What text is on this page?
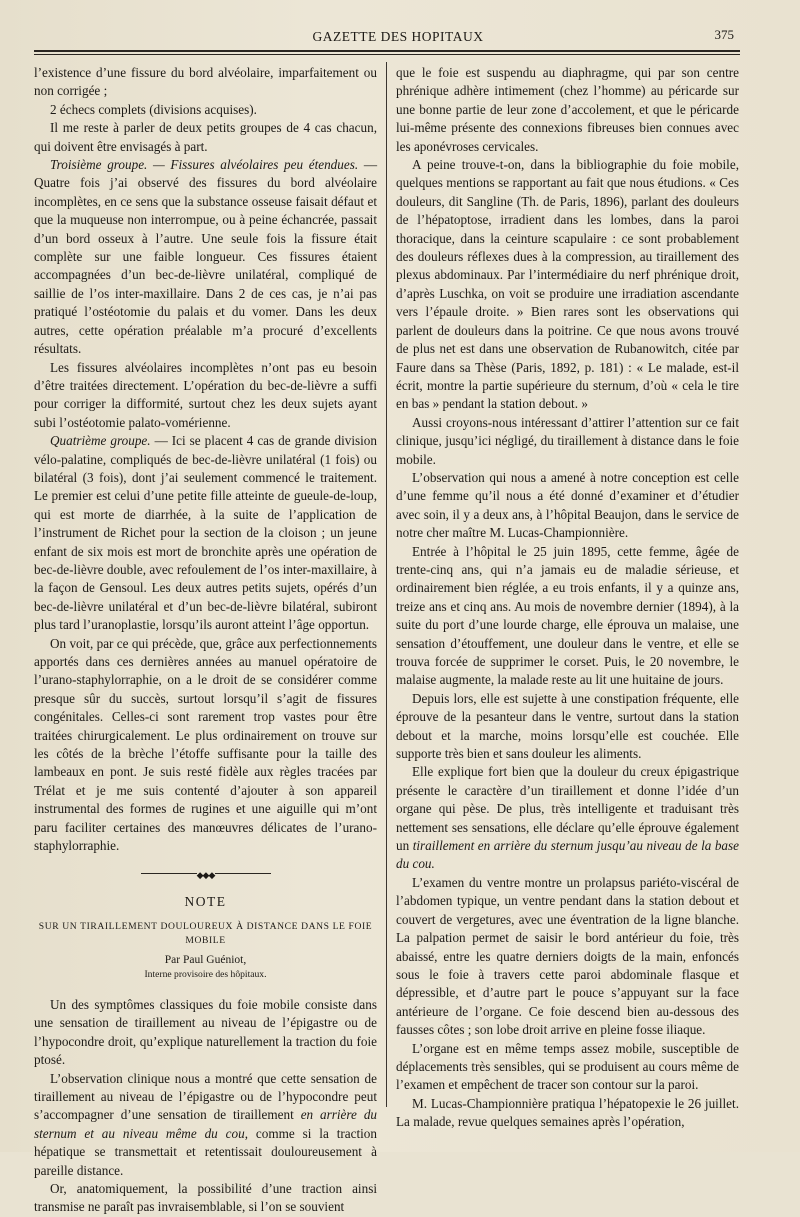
GAZETTE DES HOPITAUX	375

l’existence d’une fissure du bord alvéolaire, imparfaitement ou non corrigée ;

2 échecs complets (divisions acquises).

Il me reste à parler de deux petits groupes de 4 cas chacun, qui doivent être envisagés à part.

Troisième groupe. — Fissures alvéolaires peu étendues. — Quatre fois j’ai observé des fissures du bord alvéolaire incomplètes, en ce sens que la substance osseuse faisait défaut et que la muqueuse non interrompue, ou à peine échancrée, passait d’un bord osseux à l’autre. Une seule fois la fissure était complète sur une faible longueur. Ces fissures étaient accompagnées d’un bec-de-lièvre unilatéral, compliqué de saillie de l’os inter-maxillaire. Dans 2 de ces cas, je n’ai pas pratiqué l’ostéotomie du palais et du vomer. Dans les deux autres, cette opération préalable m’a procuré d’excellents résultats.

Les fissures alvéolaires incomplètes n’ont pas eu besoin d’être traitées directement. L’opération du bec-de-lièvre a suffi pour corriger la difformité, surtout chez les deux sujets ayant subi l’ostéotomie palato-vomérienne.

Quatrième groupe. — Ici se placent 4 cas de grande division vélo-palatine, compliqués de bec-de-lièvre unilatéral (1 fois) ou bilatéral (3 fois), dont j’ai seulement commencé le traitement. Le premier est celui d’une petite fille atteinte de gueule-de-loup, qui est morte de diarrhée, à la suite de l’application de l’instrument de Richet pour la section de la cloison ; un jeune enfant de six mois est mort de bronchite après une opération de bec-de-lièvre double, avec refoulement de l’os inter-maxillaire, à la façon de Gensoul. Les deux autres petits sujets, opérés d’un bec-de-lièvre unilatéral et d’un bec-de-lièvre bilatéral, subiront plus tard l’uranoplastie, lorsqu’ils auront atteint l’âge opportun.

On voit, par ce qui précède, que, grâce aux perfectionnements apportés dans ces dernières années au manuel opératoire de l’urano-staphylorraphie, on a le droit de se considérer comme presque sûr du succès, surtout lorsqu’il s’agit de fissures congénitales. Celles-ci sont rarement trop vastes pour être traitées chirurgicalement. Le plus ordinairement on trouve sur les côtés de la brèche l’étoffe suffisante pour la taille des lambeaux en pont. Je suis resté fidèle aux règles tracées par Trélat et je me suis contenté d’ajouter à son appareil instrumental des formes de rugines et une aiguille qui m’ont paru faciliter certaines des manœuvres délicates de l’urano-staphylorraphie.

◆◆◆

NOTE

SUR UN TIRAILLEMENT DOULOUREUX À DISTANCE DANS LE FOIE MOBILE

Par Paul Guéniot,

Interne provisoire des hôpitaux.

Un des symptômes classiques du foie mobile consiste dans une sensation de tiraillement au niveau de l’épigastre ou de l’hypocondre droit, qu’explique naturellement la traction du foie ptosé.

L’observation clinique nous a montré que cette sensation de tiraillement au niveau de l’épigastre ou de l’hypocondre peut s’accompagner d’une sensation de tiraillement en arrière du sternum et au niveau même du cou, comme si la traction hépatique se transmettait et retentissait douloureusement à pareille distance.

Or, anatomiquement, la possibilité d’une traction ainsi transmise ne paraît pas invraisemblable, si l’on se souvient

que le foie est suspendu au diaphragme, qui par son centre phrénique adhère intimement (chez l’homme) au péricarde sur une bonne partie de leur zone d’accolement, et que le péricarde lui-même présente des connexions fibreuses bien connues avec les aponévroses cervicales.

A peine trouve-t-on, dans la bibliographie du foie mobile, quelques mentions se rapportant au fait que nous étudions. « Ces douleurs, dit Sangline (Th. de Paris, 1896), parlant des douleurs de l’hépatoptose, irradient dans les lombes, dans la paroi thoracique, dans la ceinture scapulaire : ce sont probablement des douleurs réflexes dues à la compression, au tiraillement des plexus abdominaux. Par l’intermédiaire du nerf phrénique droit, d’après Luschka, on voit se produire une irradiation ascendante vers l’épaule droite. » Bien rares sont les observations qui parlent de douleurs dans la poitrine. Ce que nous avons trouvé de plus net est dans une observation de Rubanowitch, citée par Faure dans sa Thèse (Paris, 1892, p. 181) : « Le malade, est-il écrit, montre la partie supérieure du sternum, d’où « cela le tire en bas » pendant la station debout. »

Aussi croyons-nous intéressant d’attirer l’attention sur ce fait clinique, jusqu’ici négligé, du tiraillement à distance dans le foie mobile.

L’observation qui nous a amené à notre conception est celle d’une femme qu’il nous a été donné d’examiner et d’étudier avec soin, il y a deux ans, à l’hôpital Beaujon, dans le service de notre cher maître M. Lucas-Championnière.

Entrée à l’hôpital le 25 juin 1895, cette femme, âgée de trente-cinq ans, qui n’a jamais eu de maladie sérieuse, et ordinairement bien réglée, a eu trois enfants, il y a quinze ans, treize ans et cinq ans. Au mois de novembre dernier (1894), à la suite du port d’une lourde charge, elle éprouva un malaise, une sensation d’étouffement, une douleur dans le ventre, et elle se trouva forcée de supprimer le corset. Puis, le 20 novembre, le malaise augmente, la malade reste au lit une huitaine de jours.

Depuis lors, elle est sujette à une constipation fréquente, elle éprouve de la pesanteur dans le ventre, surtout dans la station debout et la marche, moins lorsqu’elle est couchée. Elle supporte très bien et sans douleur les aliments.

Elle explique fort bien que la douleur du creux épigastrique présente le caractère d’un tiraillement et donne l’idée d’un organe qui pèse. De plus, très intelligente et traduisant très nettement ses sensations, elle déclare qu’elle éprouve également un tiraillement en arrière du sternum jusqu’au niveau de la base du cou.

L’examen du ventre montre un prolapsus pariéto-viscéral de l’abdomen typique, un ventre pendant dans la station debout et couvert de vergetures, avec une éventration de la ligne blanche. La palpation permet de saisir le bord antérieur du foie, très abaissé, entre les quatre derniers doigts de la main, enfoncés sous le foie à travers cette paroi abdominale flasque et dépressible, et d’autre part le pouce s’appuyant sur la face antérieure de l’organe. Ce foie descend bien au-dessous des fausses côtes ; son lobe droit arrive en pleine fosse iliaque.

L’organe est en même temps assez mobile, susceptible de déplacements très sensibles, qui se produisent au cours même de l’examen et empêchent de tracer son contour sur la paroi.

M. Lucas-Championnière pratiqua l’hépatopexie le 26 juillet. La malade, revue quelques semaines après l’opération,
